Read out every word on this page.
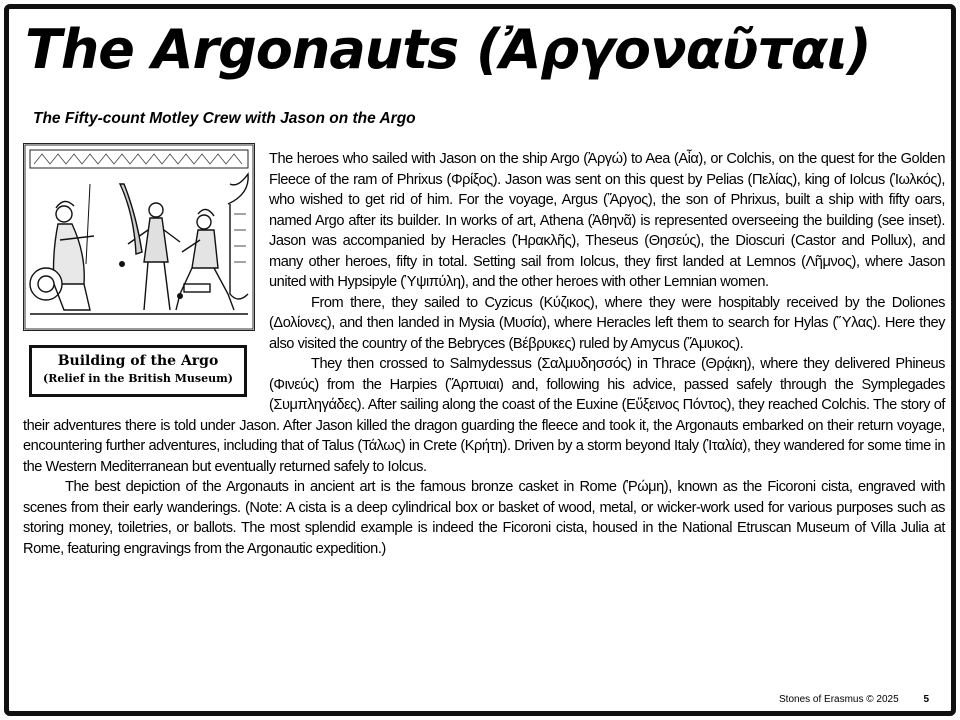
The Argonauts (Ἀργοναῦται)
The Fifty-count Motley Crew with Jason on the Argo

The heroes who sailed with Jason on the ship Argo (Ἀργώ) to Aea (Αἶα), or Colchis, on the quest for the Golden Fleece of the ram of Phrixus (Φρίξος). Jason was sent on this quest by Pelias (Πελίας), king of Iolcus (Ἰωλκός), who wished to get rid of him. For the voyage, Argus (Ἄργος), the son of Phrixus, built a ship with fifty oars, named Argo after its builder. In works of art, Athena (Ἀθηνᾶ) is represented overseeing the building (see inset). Jason was accompanied by Heracles (Ἡρακλῆς), Theseus (Θησεύς), the Dioscuri (Castor and Pollux), and many other heroes, fifty in total. Setting sail from Iolcus, they first landed at Lemnos (Λῆμνος), where Jason united with Hypsipyle (Ὑψιπύλη), and the other heroes with other Lemnian women.

From there, they sailed to Cyzicus (Κύζικος), where they were hospitably received by the Doliones (Δολίονες), and then landed in Mysia (Μυσία), where Heracles left them to search for Hylas (Ὕλας). Here they also visited the country of the Bebryces (Βέβρυκες) ruled by Amycus (Ἄμυκος).

They then crossed to Salmydessus (Σαλμυδησσός) in Thrace (Θρᾴκη), where they delivered Phineus (Φινεύς) from the Harpies (Ἅρπυιαι) and, following his advice, passed safely through the Symplegades (Συμπληγάδες). After sailing along the coast of the Euxine (Εὔξεινος Πόντος), they reached Colchis. The story of their adventures there is told under Jason. After Jason killed the dragon guarding the fleece and took it, the Argonauts embarked on their return voyage, encountering further adventures, including that of Talus (Τάλως) in Crete (Κρήτη). Driven by a storm beyond Italy (Ἰταλία), they wandered for some time in the Western Mediterranean but eventually returned safely to Iolcus.

The best depiction of the Argonauts in ancient art is the famous bronze casket in Rome (Ῥώμη), known as the Ficoroni cista, engraved with scenes from their early wanderings. (Note: A cista is a deep cylindrical box or basket of wood, metal, or wicker-work used for various purposes such as storing money, toiletries, or ballots. The most splendid example is indeed the Ficoroni cista, housed in the National Etruscan Museum of Villa Julia at Rome, featuring engravings from the Argonautic expedition.)

Building of the Argo
(Relief in the British Museum)
Stones of Erasmus © 2025 5
